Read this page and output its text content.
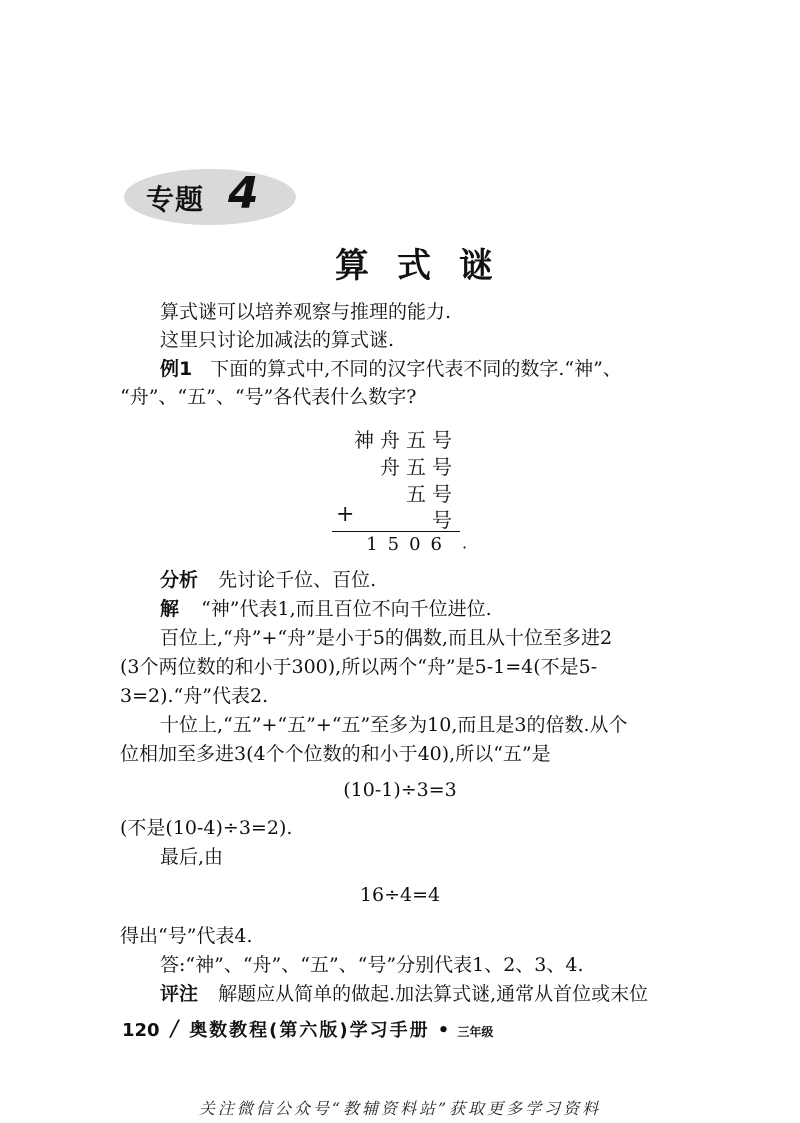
专题 4
算式谜
算式谜可以培养观察与推理的能力.
这里只讨论加减法的算式谜.
例1 下面的算式中,不同的汉字代表不同的数字.“神”、
“舟”、“五”、“号”各代表什么数字?
神舟五号
舟五号
五号
号
+
1506 ·
分析 先讨论千位、百位.
解 “神”代表1,而且百位不向千位进位.
百位上,“舟”+“舟”是小于5的偶数,而且从十位至多进2
(3个两位数的和小于300),所以两个“舟”是5-1=4(不是5-
3=2).“舟”代表2.
十位上,“五”+“五”+“五”至多为10,而且是3的倍数.从个
位相加至多进3(4个个位数的和小于40),所以“五”是
(10-1)÷3=3
(不是(10-4)÷3=2).
最后,由
16÷4=4
得出“号”代表4.
答:“神”、“舟”、“五”、“号”分别代表1、2、3、4.
评注 解题应从简单的做起.加法算式谜,通常从首位或末位
120 / 奥数教程(第六版)学习手册 • 三年级
关注微信公众号“教辅资料站”获取更多学习资料
